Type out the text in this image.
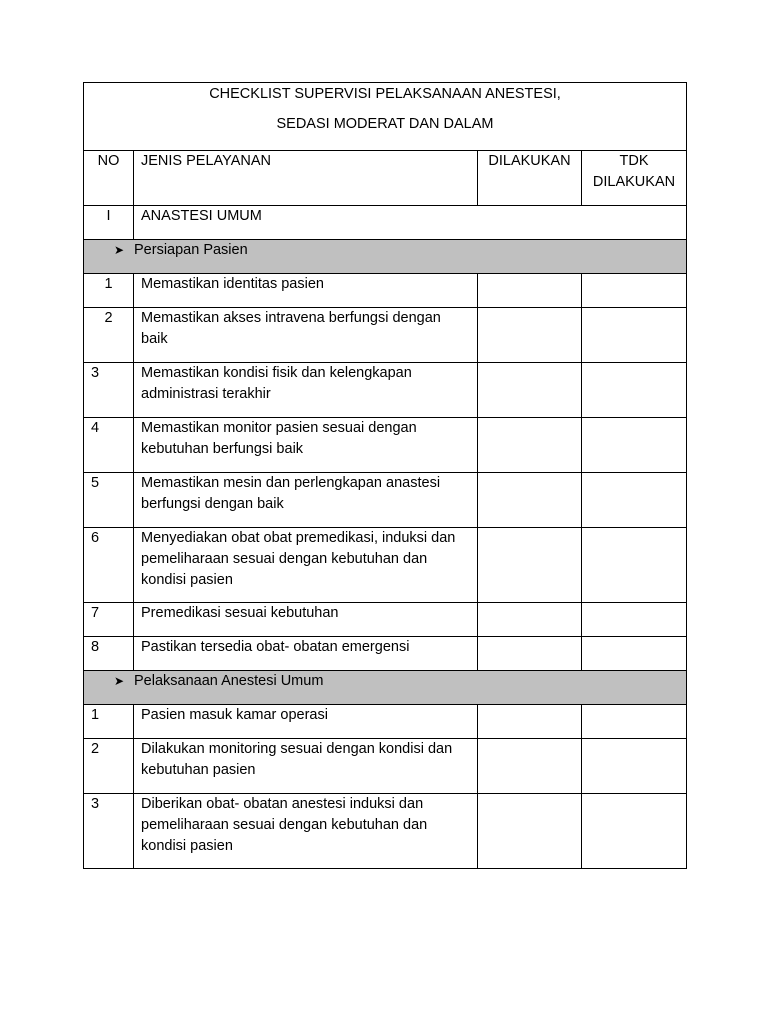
CHECKLIST SUPERVISI PELAKSANAAN ANESTESI,
SEDASI MODERAT DAN DALAM			

NO	JENIS PELAYANAN	DILAKUKAN	TDK
DILAKUKAN
I	ANASTESI UMUM		
➤ Persiapan Pasien			
1	Memastikan identitas pasien		
2	Memastikan akses intravena berfungsi dengan baik		
3	Memastikan kondisi fisik dan kelengkapan administrasi terakhir		
4	Memastikan monitor pasien sesuai dengan kebutuhan berfungsi baik		
5	Memastikan mesin dan perlengkapan anastesi berfungsi dengan baik		
6	Menyediakan obat obat premedikasi, induksi dan pemeliharaan sesuai dengan kebutuhan dan kondisi pasien		
7	Premedikasi sesuai kebutuhan		
8	Pastikan tersedia obat- obatan emergensi		
➤ Pelaksanaan Anestesi Umum			
1	Pasien masuk kamar operasi		
2	Dilakukan monitoring sesuai dengan kondisi dan kebutuhan pasien		
3	Diberikan obat- obatan anestesi induksi dan pemeliharaan sesuai dengan kebutuhan dan kondisi pasien		
